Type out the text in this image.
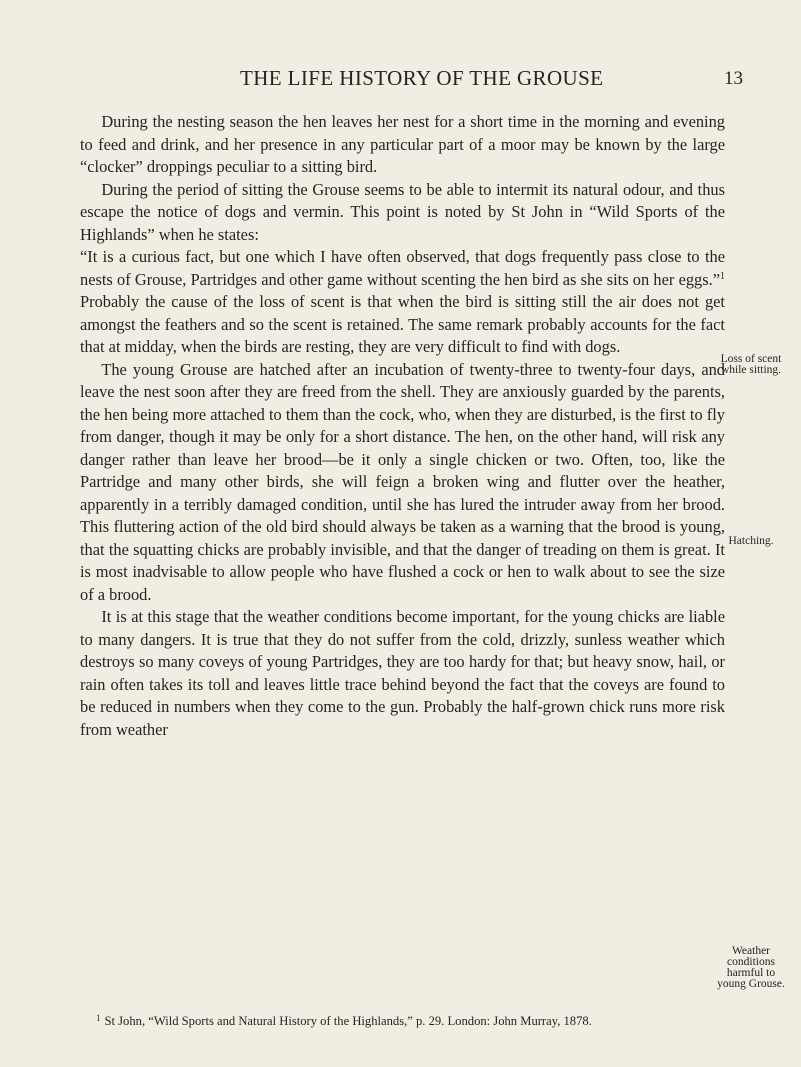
THE LIFE HISTORY OF THE GROUSE	13

During the nesting season the hen leaves her nest for a short time in the morning and evening to feed and drink, and her presence in any particular part of a moor may be known by the large “clocker” droppings peculiar to a sitting bird.

During the period of sitting the Grouse seems to be able to intermit its natural odour, and thus escape the notice of dogs and vermin. This point is noted by St John in “Wild Sports of the Highlands” when he states:

“It is a curious fact, but one which I have often observed, that dogs frequently pass close to the nests of Grouse, Partridges and other game without scenting the hen bird as she sits on her eggs.”$^1$ Probably the cause of the loss of scent is that when the bird is sitting still the air does not get amongst the feathers and so the scent is retained. The same remark probably accounts for the fact that at midday, when the birds are resting, they are very difficult to find with dogs.

The young Grouse are hatched after an incubation of twenty-three to twenty-four days, and leave the nest soon after they are freed from the shell. They are anxiously guarded by the parents, the hen being more attached to them than the cock, who, when they are disturbed, is the first to fly from danger, though it may be only for a short distance. The hen, on the other hand, will risk any danger rather than leave her brood—be it only a single chicken or two. Often, too, like the Partridge and many other birds, she will feign a broken wing and flutter over the heather, apparently in a terribly damaged condition, until she has lured the intruder away from her brood. This fluttering action of the old bird should always be taken as a warning that the brood is young, that the squatting chicks are probably invisible, and that the danger of treading on them is great. It is most inadvisable to allow people who have flushed a cock or hen to walk about to see the size of a brood.

It is at this stage that the weather conditions become important, for the young chicks are liable to many dangers. It is true that they do not suffer from the cold, drizzly, sunless weather which destroys so many coveys of young Partridges, they are too hardy for that; but heavy snow, hail, or rain often takes its toll and leaves little trace behind beyond the fact that the coveys are found to be reduced in numbers when they come to the gun. Probably the half-grown chick runs more risk from weather

Loss of scent while sitting.
Hatching.
Weather conditions harmful to young Grouse.
$^1$ St John, “Wild Sports and Natural History of the Highlands,” p. 29. London: John Murray, 1878.
